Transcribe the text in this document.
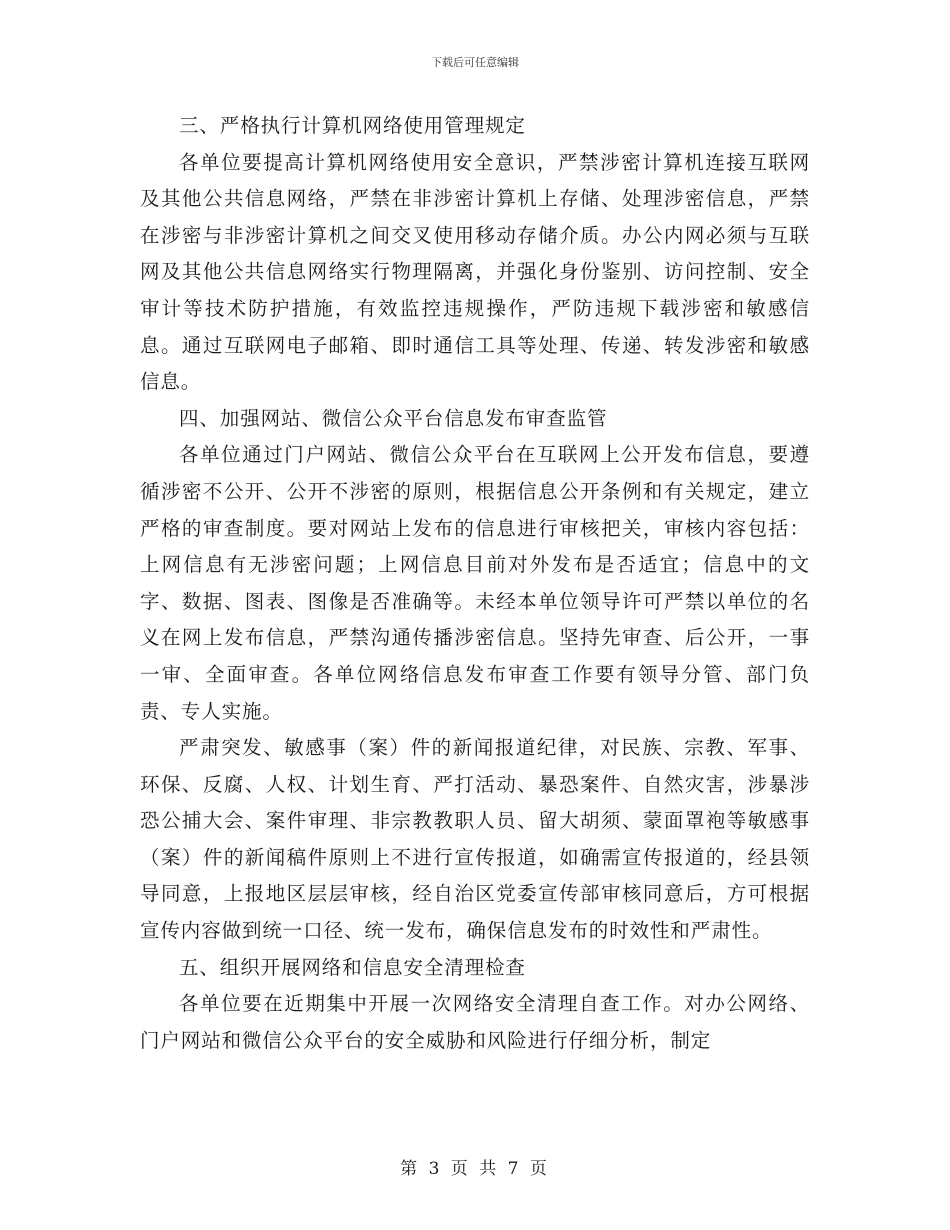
下载后可任意编辑

三、严格执行计算机网络使用管理规定

各单位要提高计算机网络使用安全意识，严禁涉密计算机连接互联网及其他公共信息网络，严禁在非涉密计算机上存储、处理涉密信息，严禁在涉密与非涉密计算机之间交叉使用移动存储介质。办公内网必须与互联网及其他公共信息网络实行物理隔离，并强化身份鉴别、访问控制、安全审计等技术防护措施，有效监控违规操作，严防违规下载涉密和敏感信息。通过互联网电子邮箱、即时通信工具等处理、传递、转发涉密和敏感信息。

四、加强网站、微信公众平台信息发布审查监管

各单位通过门户网站、微信公众平台在互联网上公开发布信息，要遵循涉密不公开、公开不涉密的原则，根据信息公开条例和有关规定，建立严格的审查制度。要对网站上发布的信息进行审核把关，审核内容包括：上网信息有无涉密问题；上网信息目前对外发布是否适宜；信息中的文字、数据、图表、图像是否准确等。未经本单位领导许可严禁以单位的名义在网上发布信息，严禁沟通传播涉密信息。坚持先审查、后公开，一事一审、全面审查。各单位网络信息发布审查工作要有领导分管、部门负责、专人实施。

严肃突发、敏感事（案）件的新闻报道纪律，对民族、宗教、军事、环保、反腐、人权、计划生育、严打活动、暴恐案件、自然灾害，涉暴涉恐公捕大会、案件审理、非宗教教职人员、留大胡须、蒙面罩袍等敏感事（案）件的新闻稿件原则上不进行宣传报道，如确需宣传报道的，经县领导同意，上报地区层层审核，经自治区党委宣传部审核同意后，方可根据宣传内容做到统一口径、统一发布，确保信息发布的时效性和严肃性。

五、组织开展网络和信息安全清理检查

各单位要在近期集中开展一次网络安全清理自查工作。对办公网络、门户网站和微信公众平台的安全威胁和风险进行仔细分析，制定

第 3 页 共 7 页
